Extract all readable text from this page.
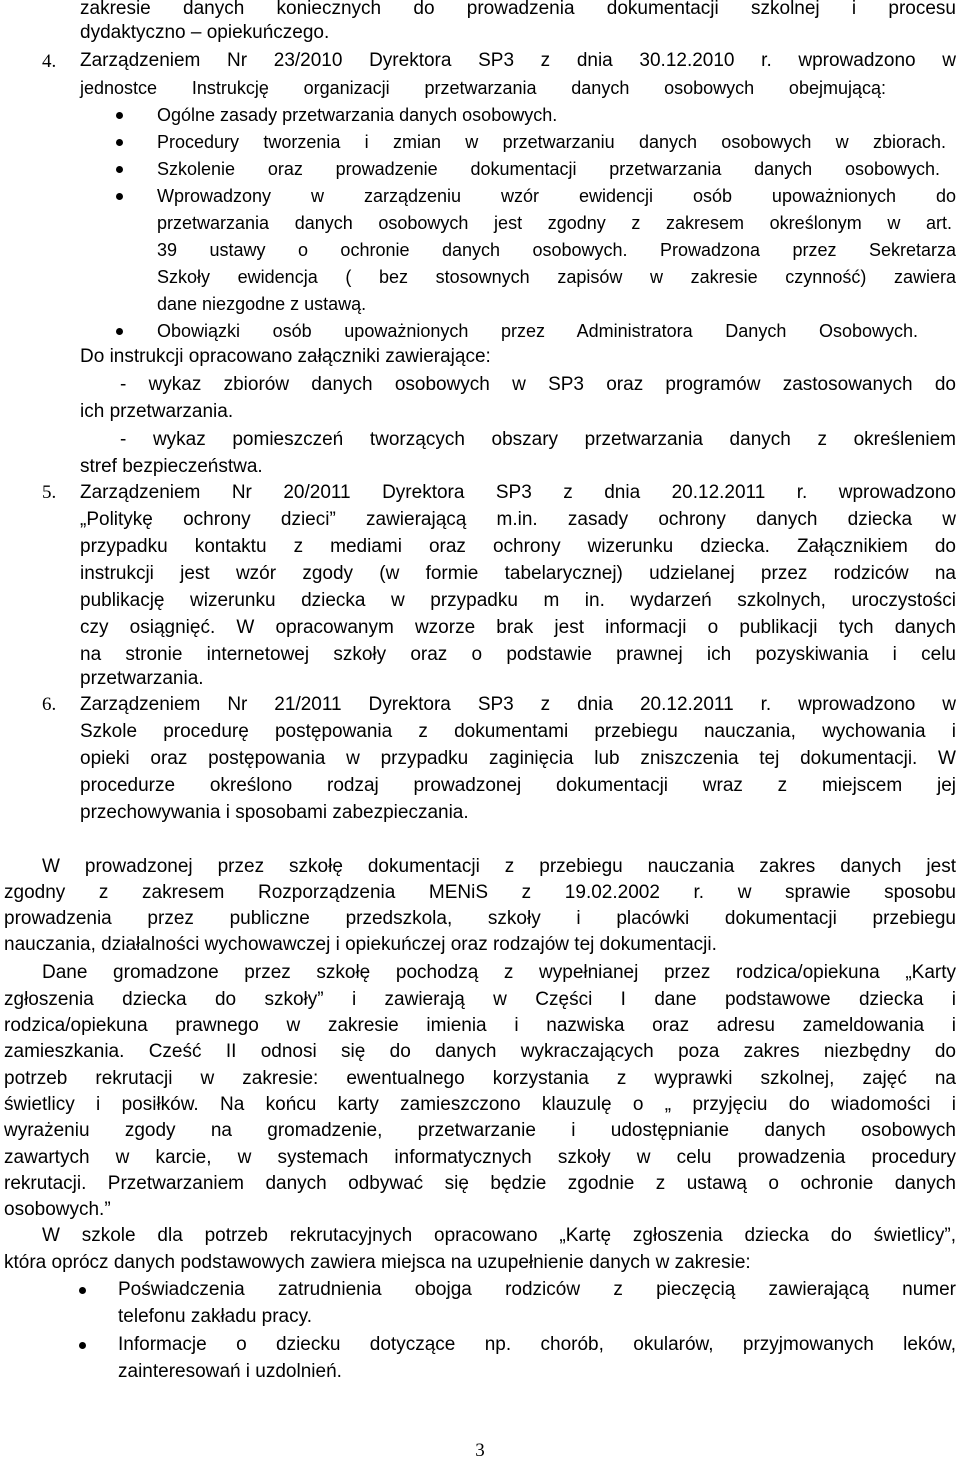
4.
5.
6.
zakresie danych koniecznych do prowadzenia dokumentacji szkolnej i procesu
dydaktyczno – opiekuńczego.
Zarządzeniem Nr 23/2010 Dyrektora SP3 z dnia 30.12.2010 r. wprowadzono w
jednostce Instrukcję organizacji przetwarzania danych osobowych obejmującą:
Ogólne zasady przetwarzania danych osobowych.
Procedury tworzenia i zmian w przetwarzaniu danych osobowych w zbiorach.
Szkolenie oraz prowadzenie dokumentacji przetwarzania danych osobowych.
Wprowadzony w zarządzeniu wzór ewidencji osób upoważnionych do
przetwarzania danych osobowych jest zgodny z zakresem określonym w art.
39 ustawy o ochronie danych osobowych. Prowadzona przez Sekretarza
Szkoły ewidencja ( bez stosownych zapisów w zakresie czynność) zawiera
dane niezgodne z ustawą.
Obowiązki osób upoważnionych przez Administratora Danych Osobowych.
Do instrukcji opracowano załączniki zawierające:
- wykaz zbiorów danych osobowych w SP3 oraz programów zastosowanych do
ich przetwarzania.
- wykaz pomieszczeń tworzących obszary przetwarzania danych z określeniem
stref bezpieczeństwa.
Zarządzeniem Nr 20/2011 Dyrektora SP3 z dnia 20.12.2011 r. wprowadzono
„Politykę ochrony dzieci” zawierającą m.in. zasady ochrony danych dziecka w
przypadku kontaktu z mediami oraz ochrony wizerunku dziecka. Załącznikiem do
instrukcji jest wzór zgody (w formie tabelarycznej) udzielanej przez rodziców na
publikację wizerunku dziecka w przypadku m in. wydarzeń szkolnych, uroczystości
czy osiągnięć. W opracowanym wzorze brak jest informacji o publikacji tych danych
na stronie internetowej szkoły oraz o podstawie prawnej ich pozyskiwania i celu
przetwarzania.
Zarządzeniem Nr 21/2011 Dyrektora SP3 z dnia 20.12.2011 r. wprowadzono w
Szkole procedurę postępowania z dokumentami przebiegu nauczania, wychowania i
opieki oraz postępowania w przypadku zaginięcia lub zniszczenia tej dokumentacji. W
procedurze określono rodzaj prowadzonej dokumentacji wraz z miejscem jej
przechowywania i sposobami zabezpieczania.
W prowadzonej przez szkołę dokumentacji z przebiegu nauczania zakres danych jest
zgodny z zakresem Rozporządzenia MENiS z 19.02.2002 r. w sprawie sposobu
prowadzenia przez publiczne przedszkola, szkoły i placówki dokumentacji przebiegu
nauczania, działalności wychowawczej i opiekuńczej oraz rodzajów tej dokumentacji.
Dane gromadzone przez szkołę pochodzą z wypełnianej przez rodzica/opiekuna „Karty
zgłoszenia dziecka do szkoły” i zawierają w Części I dane podstawowe dziecka i
rodzica/opiekuna prawnego w zakresie imienia i nazwiska oraz adresu zameldowania i
zamieszkania. Cześć II odnosi się do danych wykraczających poza zakres niezbędny do
potrzeb rekrutacji w zakresie: ewentualnego korzystania z wyprawki szkolnej, zajęć na
świetlicy i posiłków. Na końcu karty zamieszczono klauzulę o „ przyjęciu do wiadomości i
wyrażeniu zgody na gromadzenie, przetwarzanie i udostępnianie danych osobowych
zawartych w karcie, w systemach informatycznych szkoły w celu prowadzenia procedury
rekrutacji. Przetwarzaniem danych odbywać się będzie zgodnie z ustawą o ochronie danych
osobowych.”
W szkole dla potrzeb rekrutacyjnych opracowano „Kartę zgłoszenia dziecka do świetlicy”,
która oprócz danych podstawowych zawiera miejsca na uzupełnienie danych w zakresie:
Poświadczenia zatrudnienia obojga rodziców z pieczęcią zawierającą numer
telefonu zakładu pracy.
Informacje o dziecku dotyczące np. chorób, okularów, przyjmowanych leków,
zainteresowań i uzdolnień.
3
